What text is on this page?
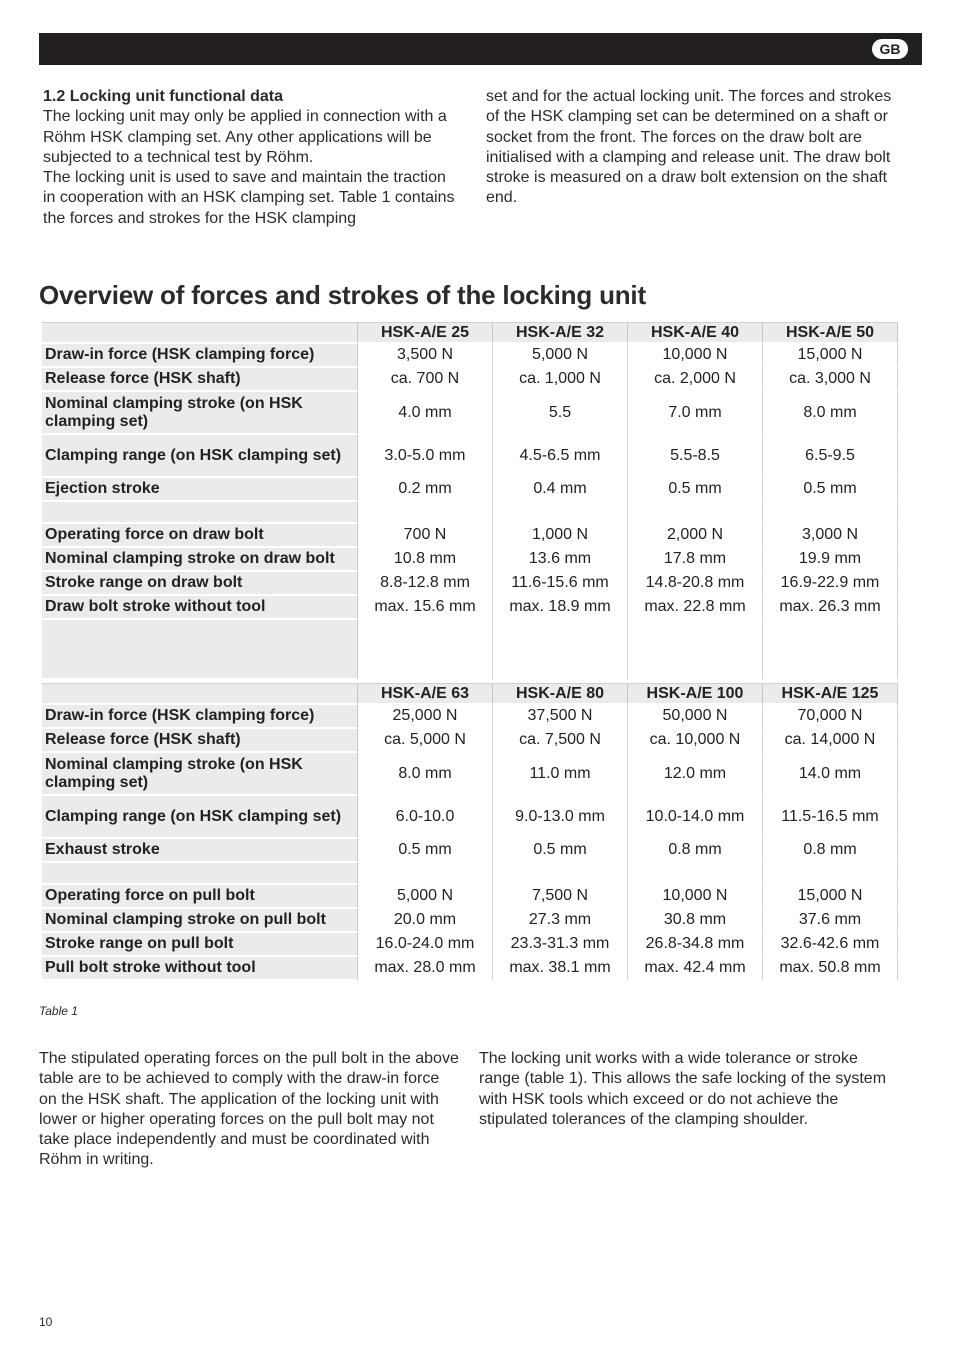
GB

1.2 Locking unit functional data

The locking unit may only be applied in connection with a Röhm HSK clamping set. Any other applications will be subjected to a technical test by Röhm.

The locking unit is used to save and maintain the traction in cooperation with an HSK clamping set. Table 1 contains the forces and strokes for the HSK clamping

set and for the actual locking unit. The forces and strokes of the HSK clamping set can be determined on a shaft or socket from the front. The forces on the draw bolt are initialised with a clamping and release unit. The draw bolt stroke is measured on a draw bolt extension on the shaft end.

Overview of forces and strokes of the locking unit
	HSK-A/E 25	HSK-A/E 32	HSK-A/E 40	HSK-A/E 50
Draw-in force (HSK clamping force)	3,500 N	5,000 N	10,000 N	15,000 N
Release force (HSK shaft)	ca. 700 N	ca. 1,000 N	ca. 2,000 N	ca. 3,000 N
Nominal clamping stroke (on HSK clamping set)	4.0 mm	5.5	7.0 mm	8.0 mm
Clamping range (on HSK clamping set)	3.0-5.0 mm	4.5-6.5 mm	5.5-8.5	6.5-9.5
Ejection stroke	0.2 mm	0.4 mm	0.5 mm	0.5 mm

Operating force on draw bolt	700 N	1,000 N	2,000 N	3,000 N
Nominal clamping stroke on draw bolt	10.8 mm	13.6 mm	17.8 mm	19.9 mm
Stroke range on draw bolt	8.8-12.8 mm	11.6-15.6 mm	14.8-20.8 mm	16.9-22.9 mm
Draw bolt stroke without tool	max. 15.6 mm	max. 18.9 mm	max. 22.8 mm	max. 26.3 mm

	HSK-A/E 63	HSK-A/E 80	HSK-A/E 100	HSK-A/E 125
Draw-in force (HSK clamping force)	25,000 N	37,500 N	50,000 N	70,000 N
Release force (HSK shaft)	ca. 5,000 N	ca. 7,500 N	ca. 10,000 N	ca. 14,000 N
Nominal clamping stroke (on HSK clamping set)	8.0 mm	11.0 mm	12.0 mm	14.0 mm
Clamping range (on HSK clamping set)	6.0-10.0	9.0-13.0 mm	10.0-14.0 mm	11.5-16.5 mm
Exhaust stroke	0.5 mm	0.5 mm	0.8 mm	0.8 mm

Operating force on pull bolt	5,000 N	7,500 N	10,000 N	15,000 N
Nominal clamping stroke on pull bolt	20.0 mm	27.3 mm	30.8 mm	37.6 mm
Stroke range on pull bolt	16.0-24.0 mm	23.3-31.3 mm	26.8-34.8 mm	32.6-42.6 mm
Pull bolt stroke without tool	max. 28.0 mm	max. 38.1 mm	max. 42.4 mm	max. 50.8 mm
Table 1

The stipulated operating forces on the pull bolt in the above table are to be achieved to comply with the draw-in force on the HSK shaft. The application of the locking unit with lower or higher operating forces on the pull bolt may not take place independently and must be coordinated with Röhm in writing.

The locking unit works with a wide tolerance or stroke range (table 1). This allows the safe locking of the system with HSK tools which exceed or do not achieve the stipulated tolerances of the clamping shoulder.

10
